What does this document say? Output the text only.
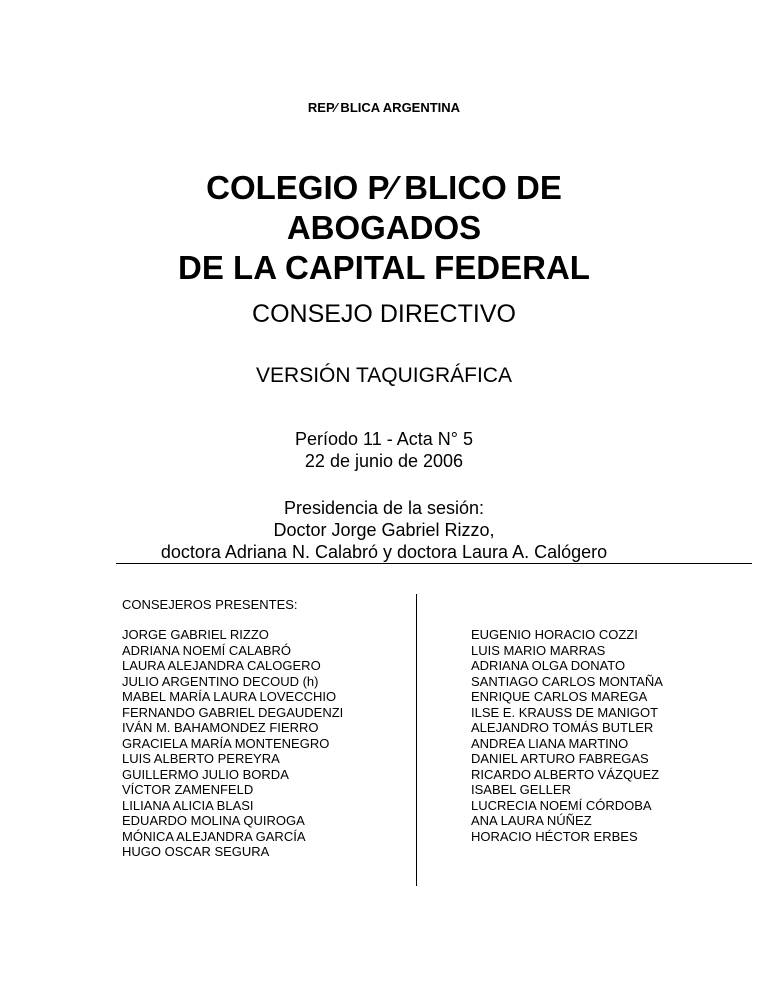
REP⁄ BLICA ARGENTINA
COLEGIO P⁄ BLICO DE
ABOGADOS
DE LA CAPITAL FEDERAL
CONSEJO DIRECTIVO
VERSIÓN TAQUIGRÁFICA
Período 11 - Acta N° 5
22 de junio de 2006
Presidencia de la sesión:
Doctor Jorge Gabriel Rizzo,
doctora Adriana N. Calabró y doctora Laura A. Calógero
CONSEJEROS PRESENTES:
JORGE GABRIEL RIZZO
ADRIANA NOEMÍ CALABRÓ
LAURA ALEJANDRA CALOGERO
JULIO ARGENTINO DECOUD (h)
MABEL MARÍA LAURA LOVECCHIO
FERNANDO GABRIEL DEGAUDENZI
IVÁN M. BAHAMONDEZ FIERRO
GRACIELA MARÍA MONTENEGRO
LUIS ALBERTO PEREYRA
GUILLERMO JULIO BORDA
VÍCTOR ZAMENFELD
LILIANA ALICIA BLASI
EDUARDO MOLINA QUIROGA
MÓNICA ALEJANDRA GARCÍA
HUGO OSCAR SEGURA
EUGENIO HORACIO COZZI
LUIS MARIO MARRAS
ADRIANA OLGA DONATO
SANTIAGO CARLOS MONTAÑA
ENRIQUE CARLOS MAREGA
ILSE E. KRAUSS DE MANIGOT
ALEJANDRO TOMÁS BUTLER
ANDREA LIANA MARTINO
DANIEL ARTURO FABREGAS
RICARDO ALBERTO VÁZQUEZ
ISABEL GELLER
LUCRECIA NOEMÍ CÓRDOBA
ANA LAURA NÚÑEZ
HORACIO HÉCTOR ERBES
